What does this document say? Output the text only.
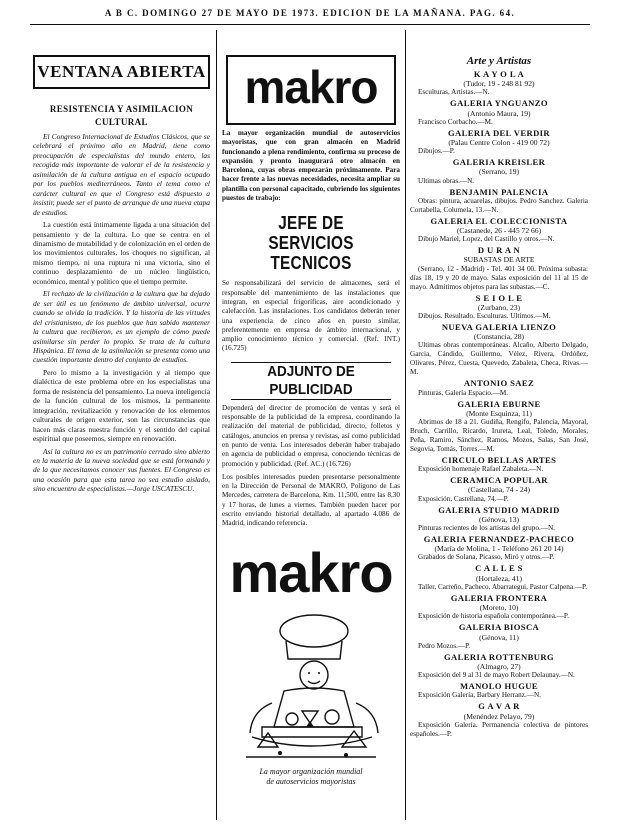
A B C. DOMINGO 27 DE MAYO DE 1973. EDICION DE LA MAÑANA. PAG. 64.
VENTANA ABIERTA
RESISTENCIA Y ASIMILACION CULTURAL

El Congreso Internacional de Estudios Clásicos, que se celebrará el próximo año en Madrid, tiene como preocupación de especialistas del mundo entero, las recogida más importante de valorar el de la resistencia y asimilación de la cultura antigua en el espacio ocupado por los pueblos mediterráneos. Tanto el tema como el carácter cultural en que el Congreso está dispuesto a insistir, puede ser el punto de arranque de una nueva etapa de estudios.

La cuestión está íntimamente ligada a una situación del pensamiento y de la cultura. Lo que se centra en el dinamismo de mutabilidad y de colonización en el orden de los movimientos culturales, los choques no significan, al mismo tiempo, ni una ruptura ni una victoria, sino el continuo desplazamiento de un núcleo lingüístico, económico, mental y político que el tiempo permite.

El rechazo de la civilización a la cultura que ha dejado de ser útil es un fenómeno de ámbito universal, ocurre cuando se olvida la tradición. Y la historia de las virtudes del cristianismo, de los pueblos que han sabido mantener la cultura que recibieron, es un ejemplo de cómo puede asimilarse sin perder lo propio. Se trata de la cultura Hispánica. El tema de la asimilación se presenta como una cuestión importante dentro del conjunto de estudios.

Pero lo mismo a la investigación y al tiempo que dialéctica de este problema obre en los especialistas una forma de resistencia del pensamiento. La nueva inteligencia de la función cultural de los mismos, la permanente integración, revitalización y renovación de los elementos culturales de origen exterior, son las circunstancias que hacen más claras nuestra función y el sentido del capital espiritual que poseemos, siempre en renovación.

Así la cultura no es un patrimonio cerrado sino abierto en la materia de la nueva sociedad que se está formando y de la que necesitamos conocer sus fuentes. El Congreso es una ocasión para que esta tarea no sea estudio aislado, sino encuentro de especialistas.—Jorge USCATESCU.

makro

La mayor organización mundial de autoservicios mayoristas, que con gran almacén en Madrid funcionando a plena rendimiento, confirma su proceso de expansión y pronto inaugurará otro almacén en Barcelona, cuyas obras empezarán próximamente. Para hacer frente a las nuevas necesidades, necesita ampliar su plantilla con personal capacitado, cubriendo los siguientes puestos de trabajo:

JEFE DE SERVICIOS TECNICOS

Se responsabilizará del servicio de almacenes, será el responsable del mantenimiento de las instalaciones que integran, en especial frigoríficas, aire acondicionado y calefacción. Las instalaciones. Los candidatos deberán tener una experiencia de cinco años en puesto similar, preferentemente en empresa de ámbito internacional, y amplio conocimiento técnico y comercial. (Ref. INT.) (16.725)

ADJUNTO DE PUBLICIDAD

Dependerá del director de promoción de ventas y será el responsable de la publicidad de la empresa, coordinando la realización del material de publicidad, directo, folletos y catálogos, anuncios en prensa y revistas, así como publicidad en punto de venta. Los interesados deberán haber trabajado en agencia de publicidad o empresa, conociendo técnicas de promoción y publicidad. (Ref. AC.) (16.726)

Los posibles interesados pueden presentarse personalmente en la Dirección de Personal de MAKRO, Polígono de Las Mercedes, carretera de Barcelona, Km. 11,500, entre las 8,30 y 17 horas, de lunes a viernes. También pueden hacer por escrito enviando historial detallado, al apartado 4.086 de Madrid, indicando referencia.

makro
La mayor organización mundial
de autoservicios mayoristas
Arte y Artistas
K A Y O L A
(Tudor, 19 - 248 81 92)
Esculturas, Artistas.—N.
GALERIA YNGUANZO
(Antonio Maura, 19)
Francisco Corbacho.—M.
GALERIA DEL VERDIR
(Palau Centre Colon - 419 00 72)
Dibujos.—P.
GALERIA KREISLER
(Serrano, 19)
Ultimas obras.—N.
BENJAMIN PALENCIA
Obras: pintura, acuarelas, dibujos. Pedro Sanchez. Galeria Cortabella, Columela, 13.—N.
GALERIA EL COLECCIONISTA
(Castanede, 26 - 445 72 66)
Dibujo Mariel, Lopez, del Castillo y otros.—N.
D U R A N
SUBASTAS DE ARTE
(Serrano, 12 - Madrid) - Tel. 401 34 00. Próxima subasta: días 18, 19 y 20 de mayo. Salas exposición del 11 al 15 de mayo. Admitimos objetos para las subastas.—C.
S E I O L E
(Zurbano, 23)
Dibujos. Resultado. Esculturas. Ultimos.—M.
NUEVA GALERIA LIENZO
(Constancia, 28)
Ultimas obras contemporáneas. Alcaño, Alberto Delgado, Garcia, Cándido, Guillermo, Vélez, Rivera, Ordóñez, Olivares, Pérez, Cuesta, Quevedo, Zabaleta, Checa, Rivas.—M.
ANTONIO SAEZ
Pinturas, Galería Espacio.—M.
GALERIA EBURNE
(Monte Esquinza, 11)
Abrimos de 18 a 21. Gudiña, Rengifo, Palencia, Mayoral, Bruch, Carrillo, Ricardo, Irureta, Leal, Toledo, Morales, Peña, Ramiro, Sánchez, Ramos, Mozos, Salas, San José, Segovia, Tomás, Torres.—M.
CIRCULO BELLAS ARTES
Exposición homenaje Rafael Zabaleta.—N.
CERAMICA POPULAR
(Castellana, 74 - 24)
Exposición, Castellana, 74.—P.
GALERIA STUDIO MADRID
(Génova, 13)
Pinturas recientes de los artistas del grupo.—N.
GALERIA FERNANDEZ-PACHECO
(María de Molina, 1 - Teléfono 261 20 14)
Grabados de Solana, Picasso, Miró y otros.—P.
C A L L E S
(Hortaleza, 41)
Taller, Carreño, Pacheco, Abarrategui, Pastor Calpena.—P.
GALERIA FRONTERA
(Moreto, 10)
Exposición de historia española contemporánea.—P.
GALERIA BIOSCA
(Génova, 11)
Pedro Mozos.—P.
GALERIA ROTTENBURG
(Almagro, 27)
Exposición del 9 al 31 de mayo Robert Delaunay.—N.
MANOLO HUGUE
Exposición Galería, Barbary Herranz.—N.
G A V A R
(Menéndez Pelayo, 79)
Exposición Galería. Permanencia colectiva de pintores españoles.—P.
